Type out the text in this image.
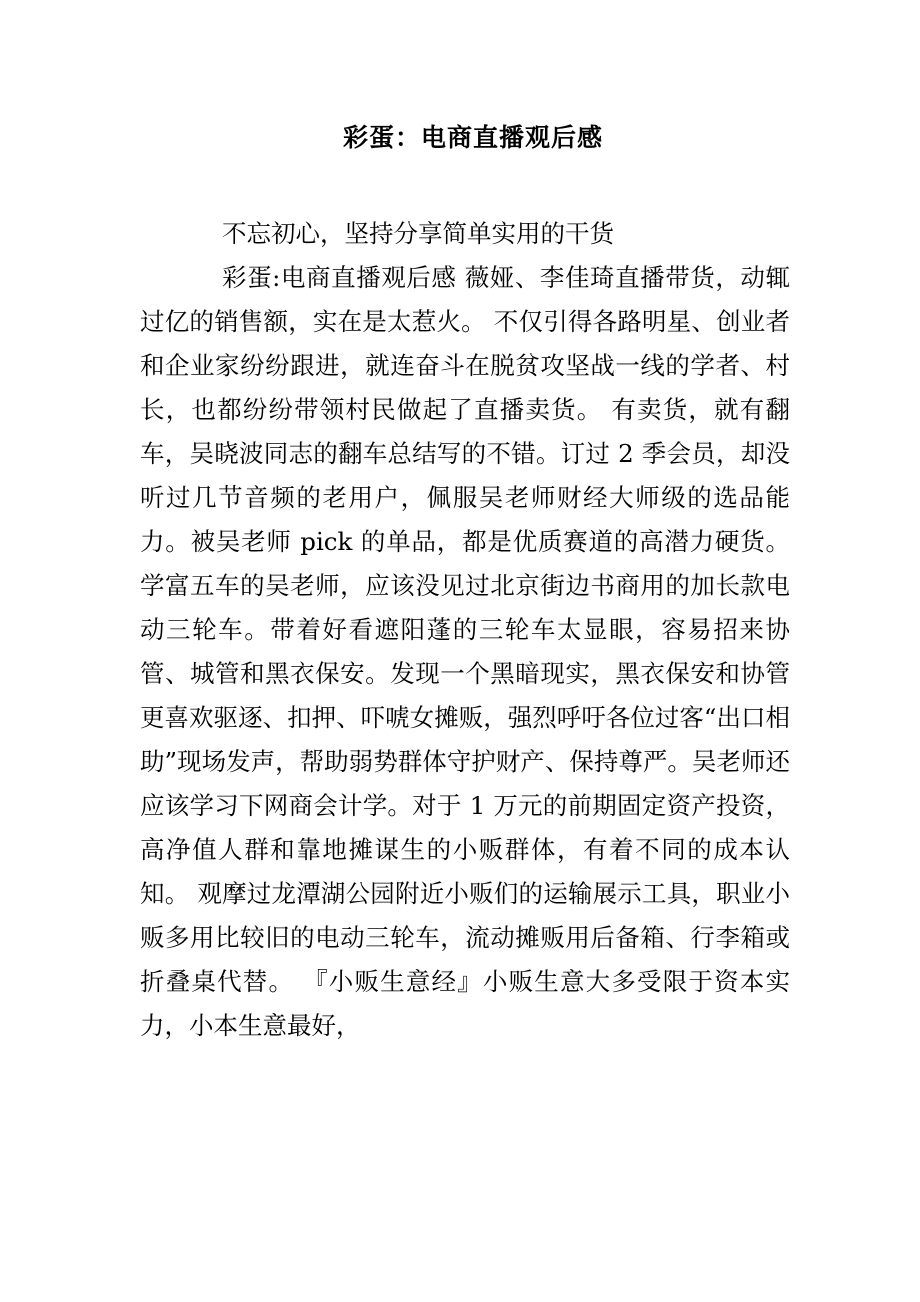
彩蛋：电商直播观后感

不忘初心，坚持分享简单实用的干货

彩蛋:电商直播观后感 薇娅、李佳琦直播带货，动辄过亿的销售额，实在是太惹火。 不仅引得各路明星、创业者和企业家纷纷跟进，就连奋斗在脱贫攻坚战一线的学者、村长，也都纷纷带领村民做起了直播卖货。 有卖货，就有翻车，吴晓波同志的翻车总结写的不错。订过 2 季会员，却没听过几节音频的老用户，佩服吴老师财经大师级的选品能力。被吴老师 pick 的单品，都是优质赛道的高潜力硬货。 学富五车的吴老师，应该没见过北京街边书商用的加长款电动三轮车。带着好看遮阳蓬的三轮车太显眼，容易招来协管、城管和黑衣保安。发现一个黑暗现实，黑衣保安和协管更喜欢驱逐、扣押、吓唬女摊贩，强烈呼吁各位过客“出口相助”现场发声，帮助弱势群体守护财产、保持尊严。吴老师还应该学习下网商会计学。对于 1 万元的前期固定资产投资，高净值人群和靠地摊谋生的小贩群体，有着不同的成本认知。 观摩过龙潭湖公园附近小贩们的运输展示工具，职业小贩多用比较旧的电动三轮车，流动摊贩用后备箱、行李箱或折叠桌代替。 『小贩生意经』小贩生意大多受限于资本实力，小本生意最好，
